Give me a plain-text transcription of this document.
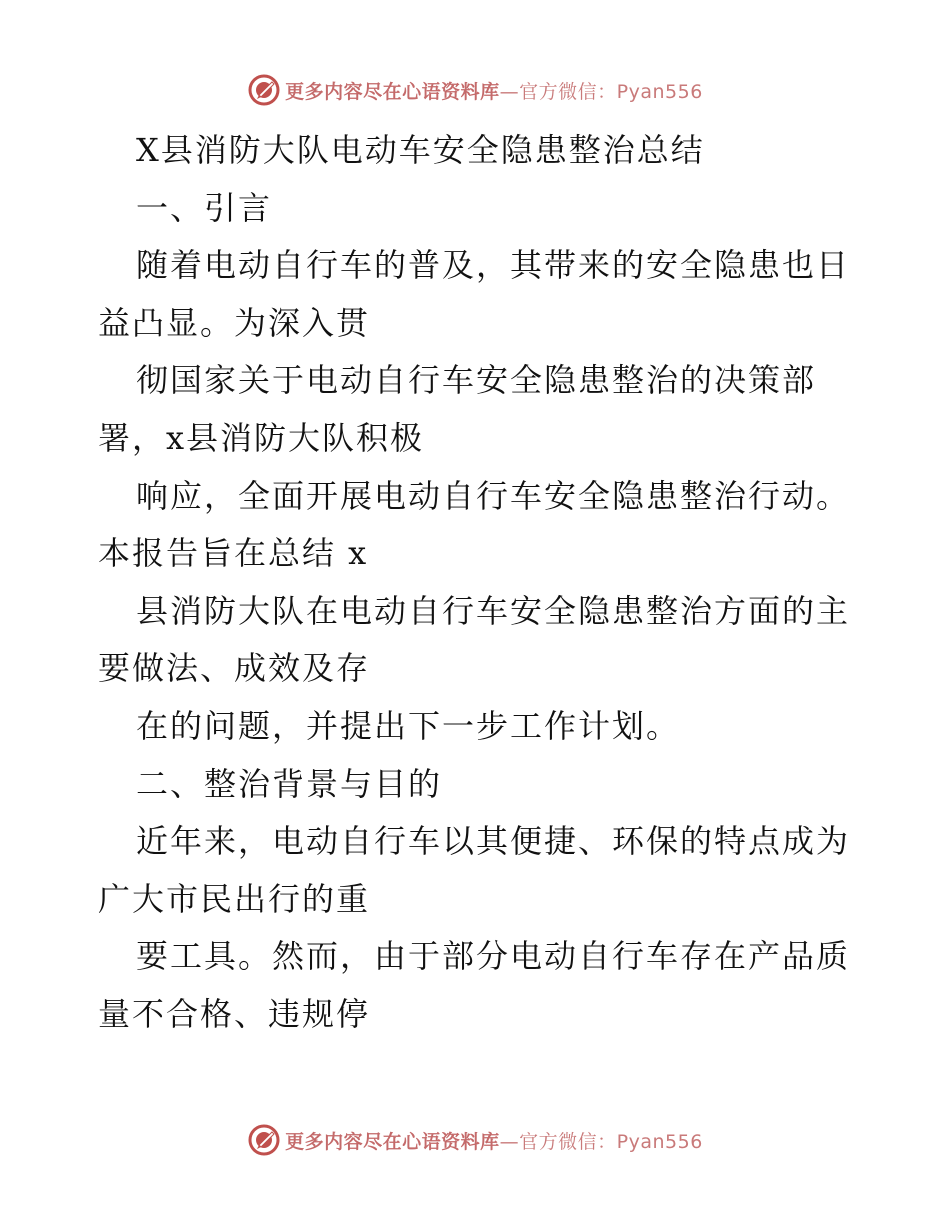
更多内容尽在心语资料库—官方微信：Pyan556
X县消防大队电动车安全隐患整治总结
一、引言
随着电动自行车的普及，其带来的安全隐患也日
益凸显。为深入贯
彻国家关于电动自行车安全隐患整治的决策部
署，x县消防大队积极
响应，全面开展电动自行车安全隐患整治行动。
本报告旨在总结 x
县消防大队在电动自行车安全隐患整治方面的主
要做法、成效及存
在的问题，并提出下一步工作计划。
二、整治背景与目的
近年来，电动自行车以其便捷、环保的特点成为
广大市民出行的重
要工具。然而，由于部分电动自行车存在产品质
量不合格、违规停
更多内容尽在心语资料库—官方微信：Pyan556
